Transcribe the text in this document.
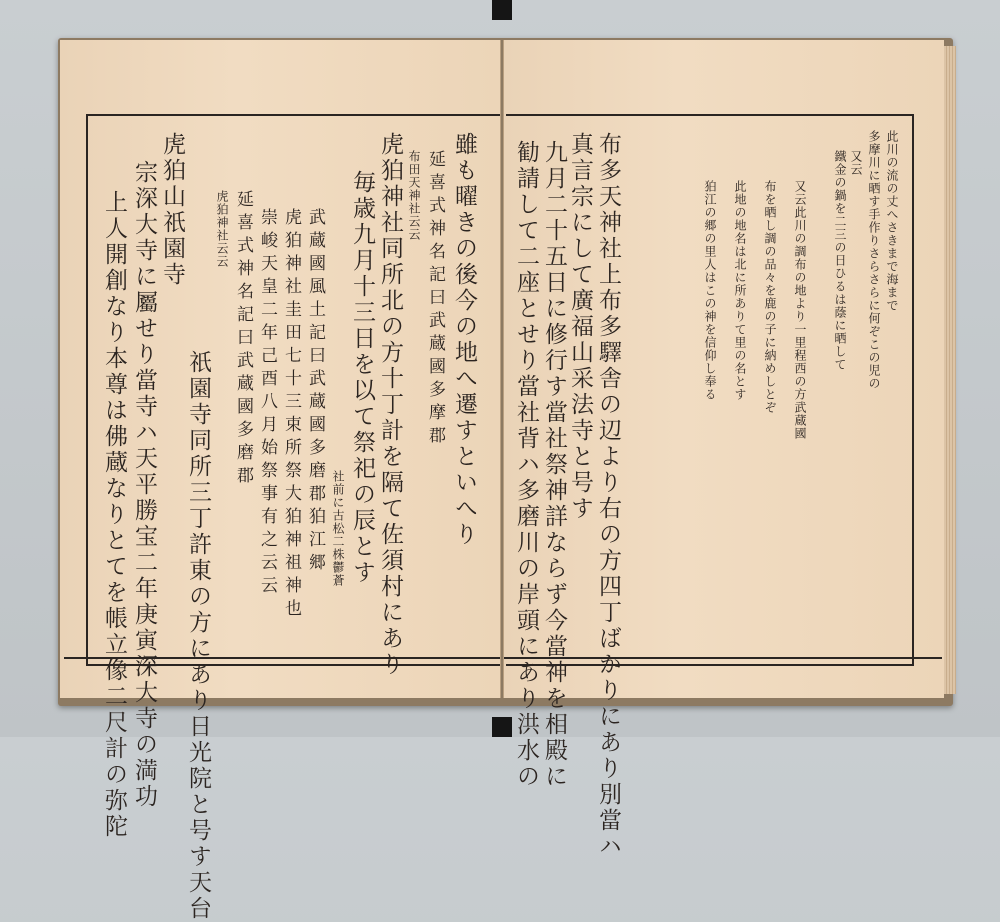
雖も曜きの後今の地へ遷すといへり
延喜式神名記曰武蔵國多摩郡
布田天神社云云
虎狛神社同所北の方十丁計を隔て佐須村にあり
毎歳九月十三日を以て祭祀の辰とす
社前に古松二株鬱蒼
武蔵國風土記曰武蔵國多磨郡狛江郷
虎狛神社圭田七十三束所祭大狛神祖神也
崇峻天皇二年己酉八月始祭事有之云云
延喜式神名記曰武蔵國多磨郡
虎狛神社云云
虎狛山祇園寺
祇園寺同所三丁許東の方にあり日光院と号す天台
宗深大寺に屬せり當寺ハ天平勝宝二年庚寅深大寺の満功
上人開創なり本尊は佛蔵なりとてを帳立像二尺計の弥陀	此川の流の丈へさきまで海まで
多摩川に晒す手作りさらさらに何ぞこの児の
又云
鐵金の鍋を二三の日ひるは蔭に晒して
又云此川の調布の地より一里程西の方武蔵國
布を晒し調の品々を鹿の子に納めしとぞ
此地の地名は北に所ありて里の名とす
狛江の郷の里人はこの神を信仰し奉る
布多天神社上布多驛舎の辺より右の方四丁ばかりにあり別當ハ
真言宗にして廣福山采法寺と号す
九月二十五日に修行す當社祭神詳ならず今當神を相殿に
勧請して二座とせり當社背ハ多磨川の岸頭にあり洪水の
